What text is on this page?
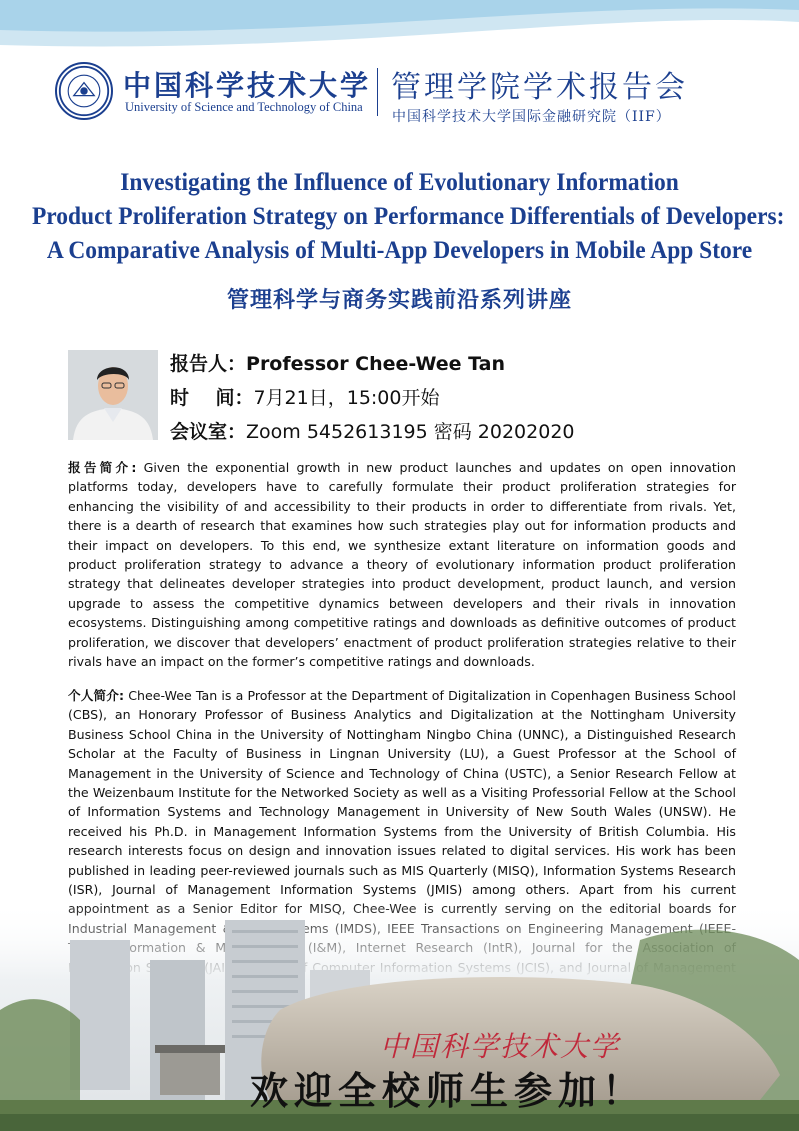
中国科学技术大学
University of Science and Technology of China
管理学院学术报告会
中国科学技术大学国际金融研究院（IIF）
Investigating the Influence of Evolutionary Information
Product Proliferation Strategy on Performance Differentials of Developers:
A Comparative Analysis of Multi-App Developers in Mobile App Store
管理科学与商务实践前沿系列讲座
报告人：Professor Chee-Wee Tan
时    间：7月21日，15:00开始
会议室：Zoom 5452613195 密码 20202020
报告简介: Given the exponential growth in new product launches and updates on open innovation platforms today, developers have to carefully formulate their product proliferation strategies for enhancing the visibility of and accessibility to their products in order to differentiate from rivals. Yet, there is a dearth of research that examines how such strategies play out for information products and their impact on developers. To this end, we synthesize extant literature on information goods and product proliferation strategy to advance a theory of evolutionary information product proliferation strategy that delineates developer strategies into product development, product launch, and version upgrade to assess the competitive dynamics between developers and their rivals in innovation ecosystems. Distinguishing among competitive ratings and downloads as definitive outcomes of product proliferation, we discover that developers’ enactment of product proliferation strategies relative to their rivals have an impact on the former’s competitive ratings and downloads.
个人简介: Chee-Wee Tan is a Professor at the Department of Digitalization in Copenhagen Business School (CBS), an Honorary Professor of Business Analytics and Digitalization at the Nottingham University Business School China in the University of Nottingham Ningbo China (UNNC), a Distinguished Research Scholar at the Faculty of Business in Lingnan University (LU), a Guest Professor at the School of Management in the University of Science and Technology of China (USTC), a Senior Research Fellow at the Weizenbaum Institute for the Networked Society as well as a Visiting Professorial Fellow at the School of Information Systems and Technology Management in University of New South Wales (UNSW). He received his Ph.D. in Management Information Systems from the University of British Columbia. His research interests focus on design and innovation issues related to digital services. His work has been published in leading peer-reviewed journals such as MIS Quarterly (MISQ), Information Systems Research (ISR), Journal of Management Information Systems (JMIS) among others. Apart from his current
中国科学技术大学
欢迎全校师生参加！
